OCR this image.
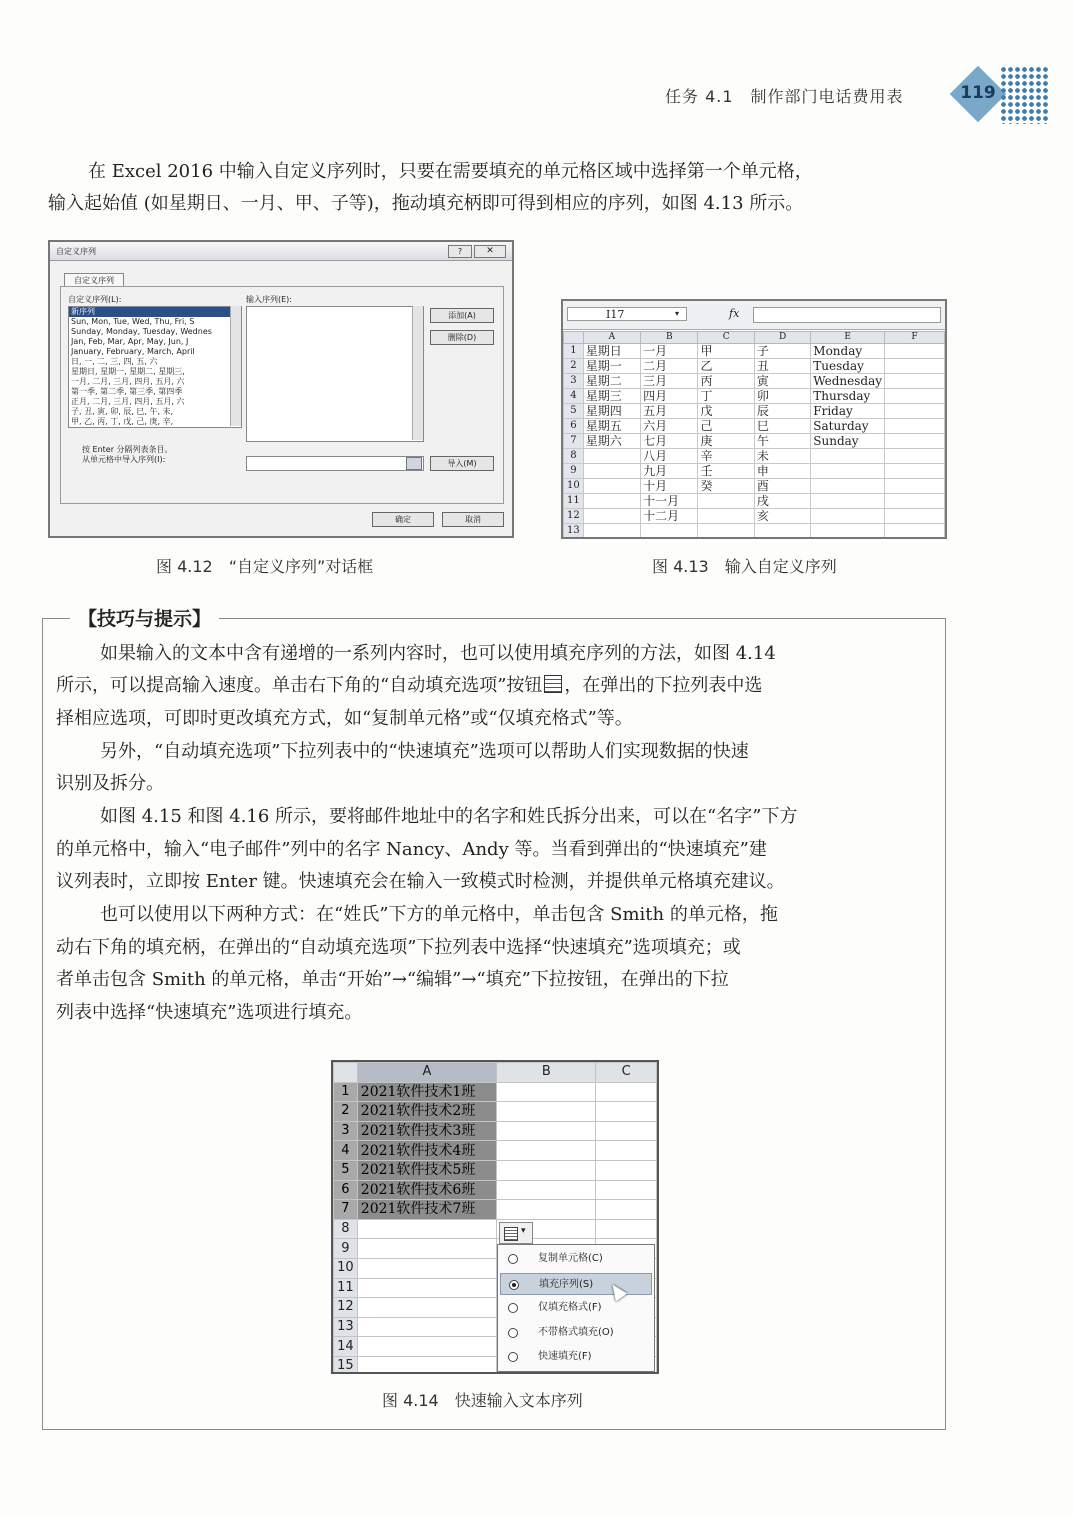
任务 4.1　制作部门电话费用表	119
在 Excel 2016 中输入自定义序列时，只要在需要填充的单元格区域中选择第一个单元格，
输入起始值 (如星期日、一月、甲、子等)，拖动填充柄即可得到相应的序列，如图 4.13 所示。
自定义序列	?	✕
自定义序列
自定义序列(L):	输入序列(E):
新序列
Sun, Mon, Tue, Wed, Thu, Fri, S
Sunday, Monday, Tuesday, Wednes
Jan, Feb, Mar, Apr, May, Jun, J
January, February, March, April
日, 一, 二, 三, 四, 五, 六
星期日, 星期一, 星期二, 星期三,
一月, 二月, 三月, 四月, 五月, 六
第一季, 第二季, 第三季, 第四季
正月, 二月, 三月, 四月, 五月, 六
子, 丑, 寅, 卯, 辰, 巳, 午, 未,
甲, 乙, 丙, 丁, 戊, 己, 庚, 辛,
添加(A)
删除(D)
按 Enter 分隔列表条目。
从单元格中导入序列(I):	导入(M)
确定	取消
图 4.12　“自定义序列”对话框
I17	▾	fx
	A	B	C	D	E	F
1	星期日	一月	甲	子	Monday	
2	星期一	二月	乙	丑	Tuesday	
3	星期二	三月	丙	寅	Wednesday	
4	星期三	四月	丁	卯	Thursday	
5	星期四	五月	戊	辰	Friday	
6	星期五	六月	己	巳	Saturday	
7	星期六	七月	庚	午	Sunday	
8		八月	辛	未		
9		九月	壬	申		
10		十月	癸	酉		
11		十一月		戌		
12		十二月		亥		
13						
图 4.13　输入自定义序列
【技巧与提示】
如果输入的文本中含有递增的一系列内容时，也可以使用填充序列的方法，如图 4.14
所示，可以提高输入速度。单击右下角的“自动填充选项”按钮 ，在弹出的下拉列表中选
择相应选项，可即时更改填充方式，如“复制单元格”或“仅填充格式”等。
另外，“自动填充选项”下拉列表中的“快速填充”选项可以帮助人们实现数据的快速
识别及拆分。
如图 4.15 和图 4.16 所示，要将邮件地址中的名字和姓氏拆分出来，可以在“名字”下方
的单元格中，输入“电子邮件”列中的名字 Nancy、Andy 等。当看到弹出的“快速填充”建
议列表时，立即按 Enter 键。快速填充会在输入一致模式时检测，并提供单元格填充建议。
也可以使用以下两种方式：在“姓氏”下方的单元格中，单击包含 Smith 的单元格，拖
动右下角的填充柄，在弹出的“自动填充选项”下拉列表中选择“快速填充”选项填充；或
者单击包含 Smith 的单元格，单击“开始”→“编辑”→“填充”下拉按钮，在弹出的下拉
列表中选择“快速填充”选项进行填充。
	A	B	C
1	2021软件技术1班		
2	2021软件技术2班		
3	2021软件技术3班		
4	2021软件技术4班		
5	2021软件技术5班		
6	2021软件技术6班		
7	2021软件技术7班		
8			
9			
10			
11			
12			
13			
14			
15			
▾
复制单元格(C)
填充序列(S)
仅填充格式(F)
不带格式填充(O)
快速填充(F)
图 4.14　快速输入文本序列
